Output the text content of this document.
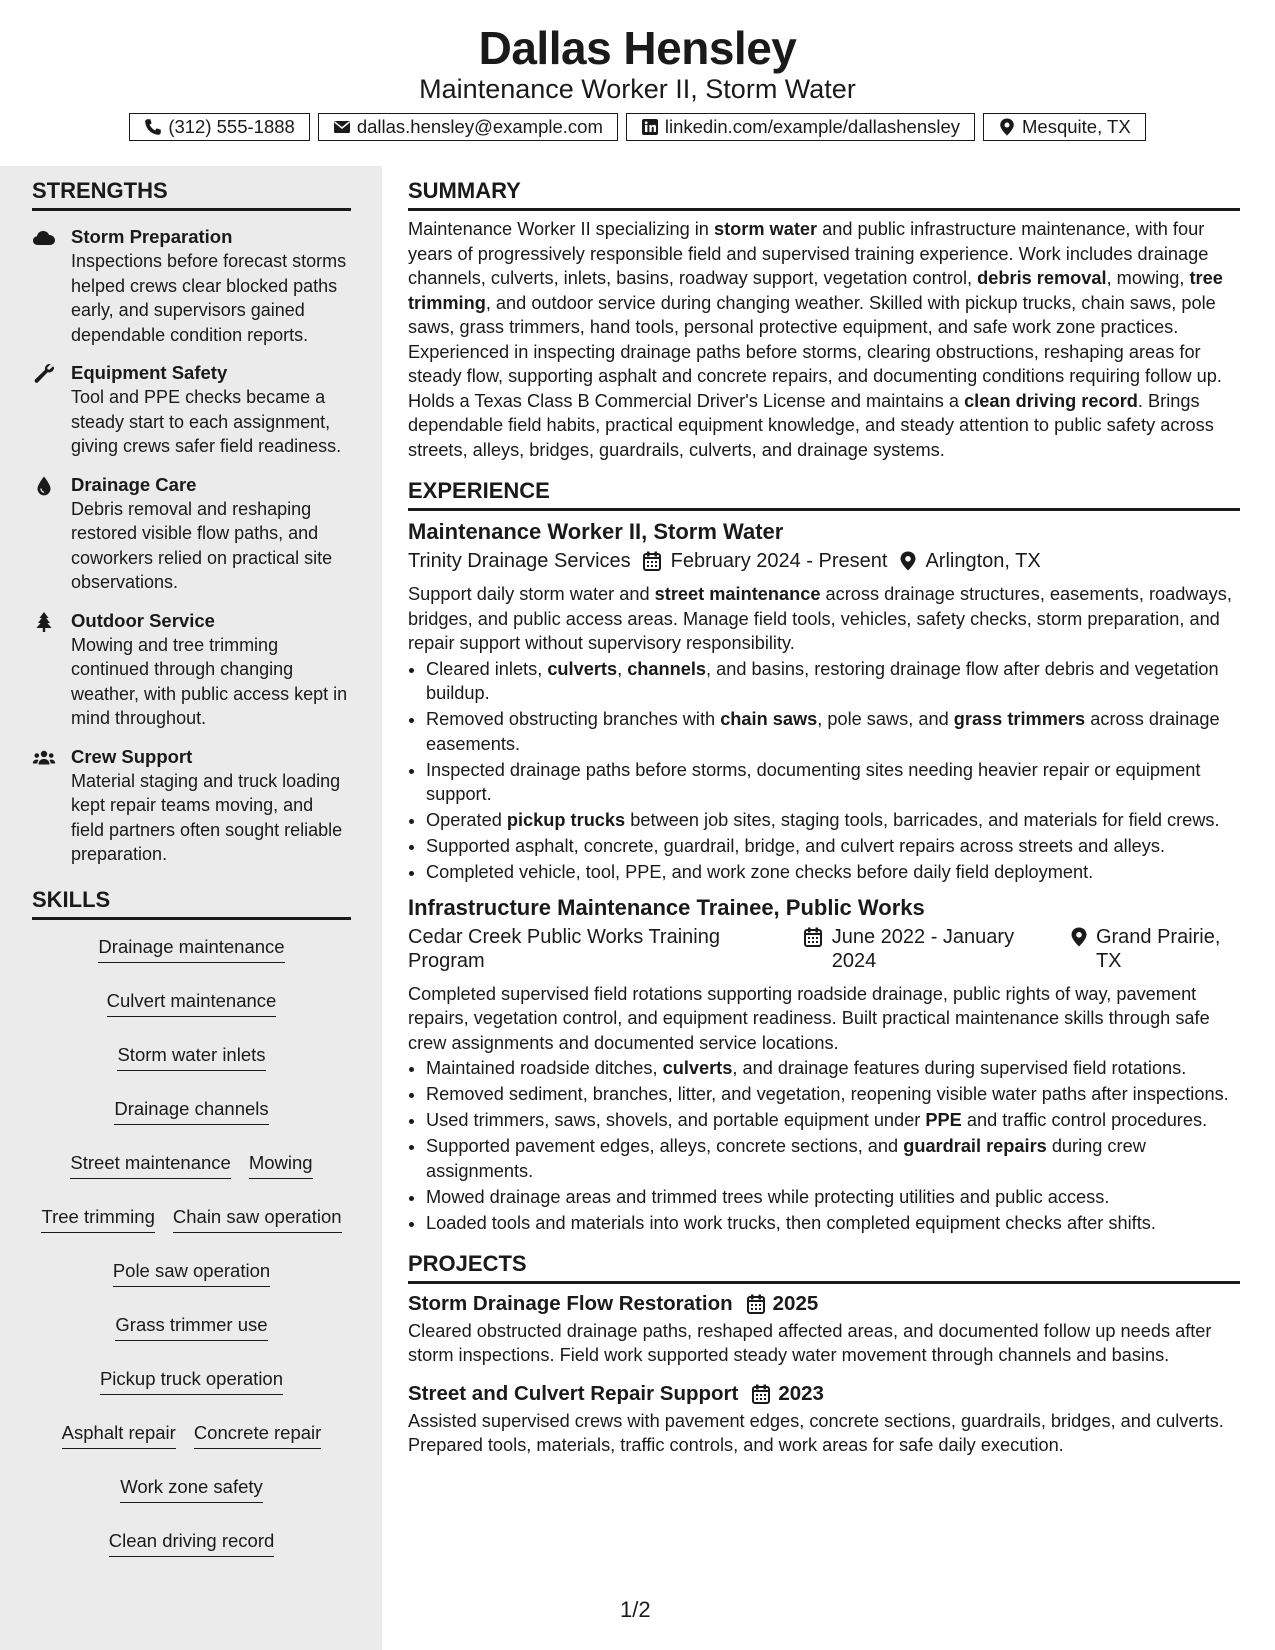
Dallas Hensley
Maintenance Worker II, Storm Water
(312) 555-1888	dallas.hensley@example.com	linkedin.com/example/dallashensley	Mesquite, TX
STRENGTHS
Storm Preparation
Inspections before forecast storms helped crews clear blocked paths early, and supervisors gained dependable condition reports.
Equipment Safety
Tool and PPE checks became a steady start to each assignment, giving crews safer field readiness.
Drainage Care
Debris removal and reshaping restored visible flow paths, and coworkers relied on practical site observations.
Outdoor Service
Mowing and tree trimming continued through changing weather, with public access kept in mind throughout.
Crew Support
Material staging and truck loading kept repair teams moving, and field partners often sought reliable preparation.
SKILLS
Drainage maintenance
Culvert maintenance
Storm water inlets
Drainage channels
Street maintenance Mowing
Tree trimming Chain saw operation
Pole saw operation
Grass trimmer use
Pickup truck operation
Asphalt repair Concrete repair
Work zone safety
Clean driving record
SUMMARY

Maintenance Worker II specializing in storm water and public infrastructure maintenance, with four years of progressively responsible field and supervised training experience. Work includes drainage channels, culverts, inlets, basins, roadway support, vegetation control, debris removal, mowing, tree trimming, and outdoor service during changing weather. Skilled with pickup trucks, chain saws, pole saws, grass trimmers, hand tools, personal protective equipment, and safe work zone practices. Experienced in inspecting drainage paths before storms, clearing obstructions, reshaping areas for steady flow, supporting asphalt and concrete repairs, and documenting conditions requiring follow up. Holds a Texas Class B Commercial Driver's License and maintains a clean driving record. Brings dependable field habits, practical equipment knowledge, and steady attention to public safety across streets, alleys, bridges, guardrails, culverts, and drainage systems.

EXPERIENCE
Maintenance Worker II, Storm Water
Trinity Drainage Services February 2024 - Present Arlington, TX

Support daily storm water and street maintenance across drainage structures, easements, roadways, bridges, and public access areas. Manage field tools, vehicles, safety checks, storm preparation, and repair support without supervisory responsibility.

• Cleared inlets, culverts, channels, and basins, restoring drainage flow after debris and vegetation buildup.
• Removed obstructing branches with chain saws, pole saws, and grass trimmers across drainage easements.
• Inspected drainage paths before storms, documenting sites needing heavier repair or equipment support.
• Operated pickup trucks between job sites, staging tools, barricades, and materials for field crews.
• Supported asphalt, concrete, guardrail, bridge, and culvert repairs across streets and alleys.
• Completed vehicle, tool, PPE, and work zone checks before daily field deployment.
Infrastructure Maintenance Trainee, Public Works
Cedar Creek Public Works Training Program
June 2022 - January 2024
Grand Prairie, TX

Completed supervised field rotations supporting roadside drainage, public rights of way, pavement repairs, vegetation control, and equipment readiness. Built practical maintenance skills through safe crew assignments and documented service locations.

• Maintained roadside ditches, culverts, and drainage features during supervised field rotations.
• Removed sediment, branches, litter, and vegetation, reopening visible water paths after inspections.
• Used trimmers, saws, shovels, and portable equipment under PPE and traffic control procedures.
• Supported pavement edges, alleys, concrete sections, and guardrail repairs during crew assignments.
• Mowed drainage areas and trimmed trees while protecting utilities and public access.
• Loaded tools and materials into work trucks, then completed equipment checks after shifts.
PROJECTS
Storm Drainage Flow Restoration 2025

Cleared obstructed drainage paths, reshaped affected areas, and documented follow up needs after storm inspections. Field work supported steady water movement through channels and basins.

Street and Culvert Repair Support 2023

Assisted supervised crews with pavement edges, concrete sections, guardrails, bridges, and culverts. Prepared tools, materials, traffic controls, and work areas for safe daily execution.

1/2
